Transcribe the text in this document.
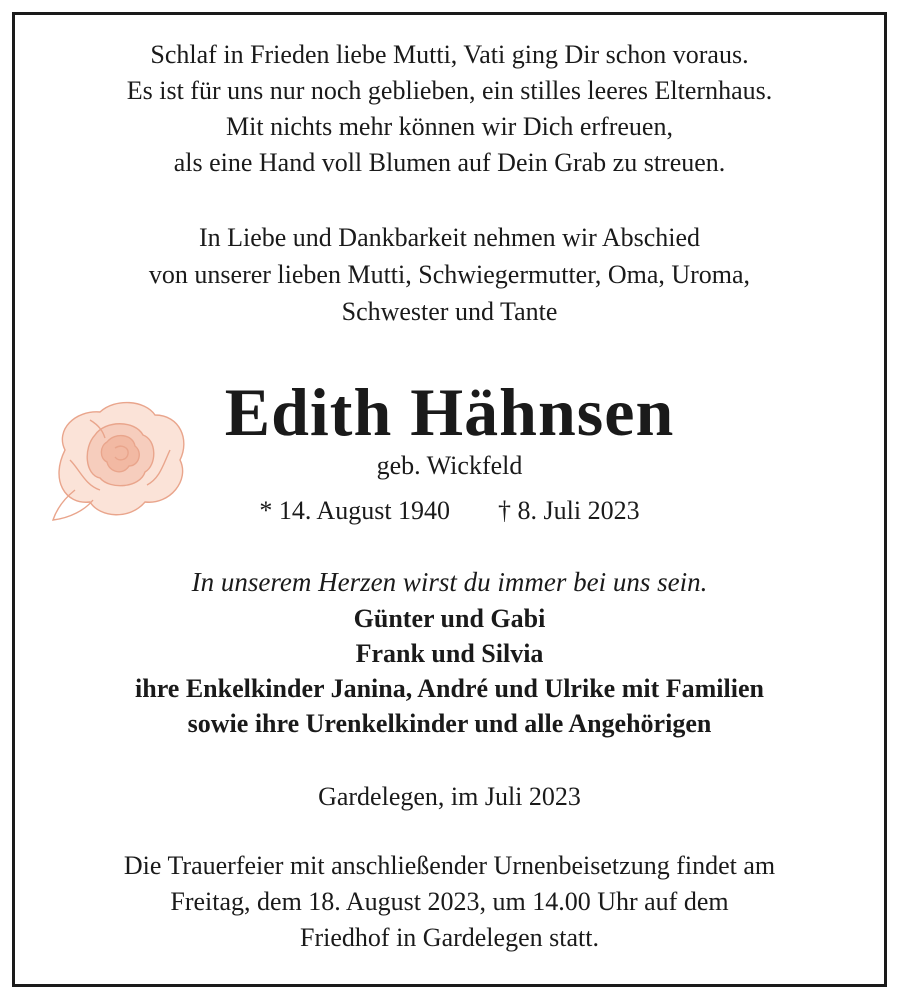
Schlaf in Frieden liebe Mutti, Vati ging Dir schon voraus.
Es ist für uns nur noch geblieben, ein stilles leeres Elternhaus.
Mit nichts mehr können wir Dich erfreuen,
als eine Hand voll Blumen auf Dein Grab zu streuen.
In Liebe und Dankbarkeit nehmen wir Abschied
von unserer lieben Mutti, Schwiegermutter, Oma, Uroma,
Schwester und Tante
Edith Hähnsen
geb. Wickfeld
* 14. August 1940 † 8. Juli 2023
In unserem Herzen wirst du immer bei uns sein.
Günter und Gabi
Frank und Silvia
ihre Enkelkinder Janina, André und Ulrike mit Familien
sowie ihre Urenkelkinder und alle Angehörigen
Gardelegen, im Juli 2023
Die Trauerfeier mit anschließender Urnenbeisetzung findet am
Freitag, dem 18. August 2023, um 14.00 Uhr auf dem
Friedhof in Gardelegen statt.
